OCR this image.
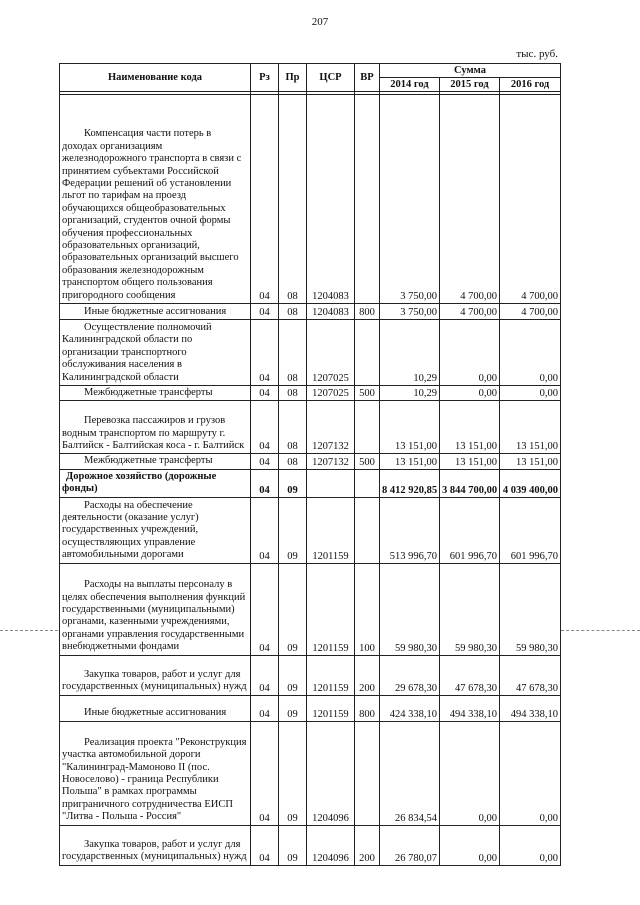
207
тыс. руб.
Наименование кода	Рз	Пр	ЦСР	ВР	Сумма		
					2014 год	2015 год	2016 год

Компенсация части потерь в доходах организациям железнодорожного транспорта в связи с принятием субъектами Российской Федерации решений об установлении льгот по тарифам на проезд обучающихся общеобразовательных организаций, студентов очной формы обучения профессиональных образовательных организаций, образовательных организаций высшего образования железнодорожным транспортом общего пользования пригородного сообщения	04	08	1204083		3 750,00	4 700,00	4 700,00
Иные бюджетные ассигнования	04	08	1204083	800	3 750,00	4 700,00	4 700,00
Осуществление полномочий Калининградской области по организации транспортного обслуживания населения в Калининградской области	04	08	1207025		10,29	0,00	0,00
Межбюджетные трансферты	04	08	1207025	500	10,29	0,00	0,00
Перевозка пассажиров и грузов водным транспортом по маршруту г. Балтийск - Балтийская коса - г. Балтийск	04	08	1207132		13 151,00	13 151,00	13 151,00
Межбюджетные трансферты	04	08	1207132	500	13 151,00	13 151,00	13 151,00
Дорожное хозяйство (дорожные фонды)	04	09			8 412 920,85	3 844 700,00	4 039 400,00
Расходы на обеспечение деятельности (оказание услуг) государственных учреждений, осуществляющих управление автомобильными дорогами	04	09	1201159		513 996,70	601 996,70	601 996,70
Расходы на выплаты персоналу в целях обеспечения выполнения функций государственными (муниципальными) органами, казенными учреждениями, органами управления государственными внебюджетными фондами	04	09	1201159	100	59 980,30	59 980,30	59 980,30
Закупка товаров, работ и услуг для государственных (муниципальных) нужд	04	09	1201159	200	29 678,30	47 678,30	47 678,30
Иные бюджетные ассигнования	04	09	1201159	800	424 338,10	494 338,10	494 338,10
Реализация проекта "Реконструкция участка автомобильной дороги "Калининград-Мамоново II (пос. Новоселово) - граница Республики Польша" в рамках программы приграничного сотрудничества ЕИСП "Литва - Польша - Россия"	04	09	1204096		26 834,54	0,00	0,00
Закупка товаров, работ и услуг для государственных (муниципальных) нужд	04	09	1204096	200	26 780,07	0,00	0,00
